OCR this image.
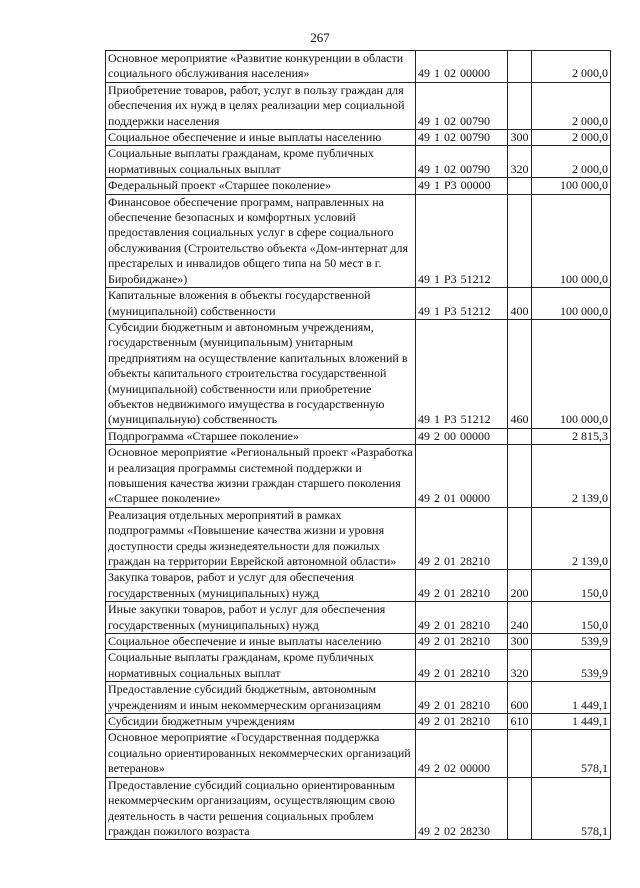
267
Основное мероприятие «Развитие конкуренции в области социального обслуживания населения»	49 1 02 00000		2 000,0
Приобретение товаров, работ, услуг в пользу граждан для обеспечения их нужд в целях реализации мер социальной поддержки населения	49 1 02 00790		2 000,0
Социальное обеспечение и иные выплаты населению	49 1 02 00790	300	2 000,0
Социальные выплаты гражданам, кроме публичных нормативных социальных выплат	49 1 02 00790	320	2 000,0
Федеральный проект «Старшее поколение»	49 1 P3 00000		100 000,0
Финансовое обеспечение программ, направленных на обеспечение безопасных и комфортных условий предоставления социальных услуг в сфере социального обслуживания (Строительство объекта «Дом-интернат для престарелых и инвалидов общего типа на 50 мест в г. Биробиджане»)	49 1 P3 51212		100 000,0
Капитальные вложения в объекты государственной (муниципальной) собственности	49 1 P3 51212	400	100 000,0
Субсидии бюджетным и автономным учреждениям, государственным (муниципальным) унитарным предприятиям на осуществление капитальных вложений в объекты капитального строительства государственной (муниципальной) собственности или приобретение объектов недвижимого имущества в государственную (муниципальную) собственность	49 1 P3 51212	460	100 000,0
Подпрограмма «Старшее поколение»	49 2 00 00000		2 815,3
Основное мероприятие «Региональный проект «Разработка и реализация программы системной поддержки и повышения качества жизни граждан старшего поколения «Старшее поколение»	49 2 01 00000		2 139,0
Реализация отдельных мероприятий в рамках подпрограммы «Повышение качества жизни и уровня доступности среды жизнедеятельности для пожилых граждан на территории Еврейской автономной области»	49 2 01 28210		2 139,0
Закупка товаров, работ и услуг для обеспечения государственных (муниципальных) нужд	49 2 01 28210	200	150,0
Иные закупки товаров, работ и услуг для обеспечения государственных (муниципальных) нужд	49 2 01 28210	240	150,0
Социальное обеспечение и иные выплаты населению	49 2 01 28210	300	539,9
Социальные выплаты гражданам, кроме публичных нормативных социальных выплат	49 2 01 28210	320	539,9
Предоставление субсидий бюджетным, автономным учреждениям и иным некоммерческим организациям	49 2 01 28210	600	1 449,1
Субсидии бюджетным учреждениям	49 2 01 28210	610	1 449,1
Основное мероприятие «Государственная поддержка социально ориентированных некоммерческих организаций ветеранов»	49 2 02 00000		578,1
Предоставление субсидий социально ориентированным некоммерческим организациям, осуществляющим свою деятельность в части решения социальных проблем граждан пожилого возраста	49 2 02 28230		578,1
